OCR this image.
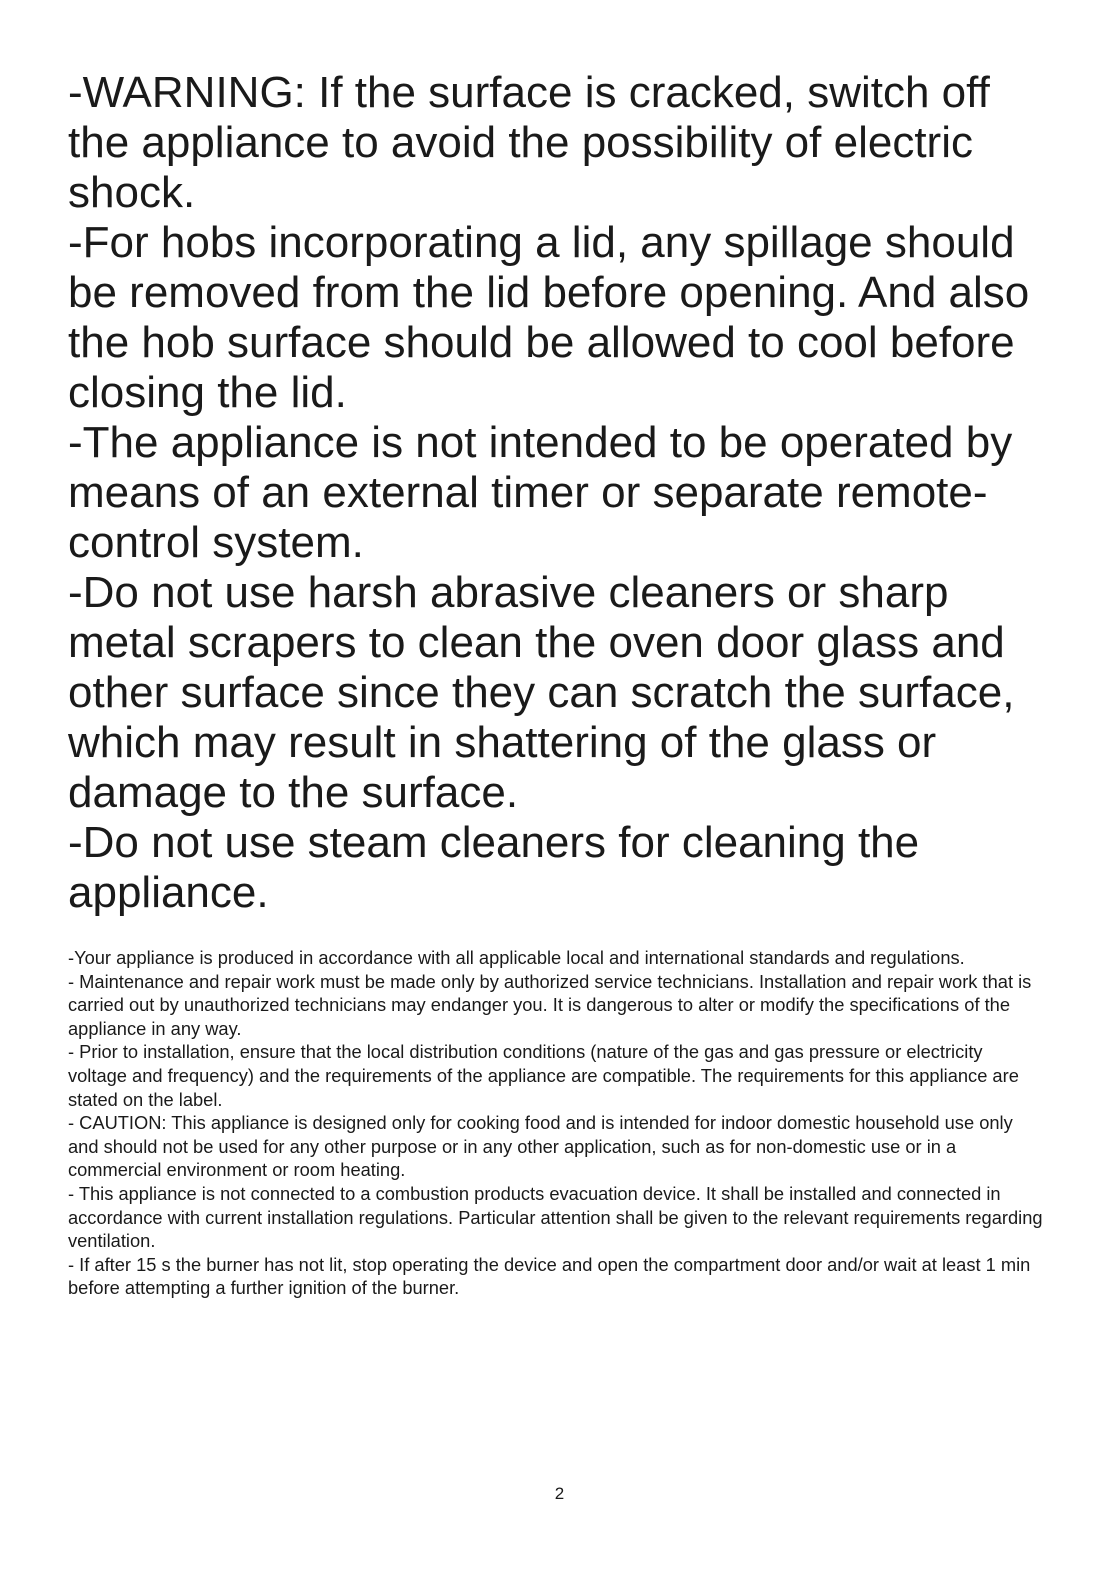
-WARNING: If the surface is cracked, switch off the appliance to avoid the possibility of electric shock.

-For hobs incorporating a lid, any spillage should be removed from the lid before opening. And also the hob surface should be allowed to cool before closing the lid.

-The appliance is not intended to be operated by means of an external timer or separate remote-control system.

-Do not use harsh abrasive cleaners or sharp metal scrapers to clean the oven door glass and other surface since they can scratch the surface, which may result in shattering of the glass or damage to the surface.

-Do not use steam cleaners for cleaning the appliance.

-Your appliance is produced in accordance with all applicable local and international standards and regulations.

- Maintenance and repair work must be made only by authorized service technicians. Installation and repair work that is carried out by unauthorized technicians may endanger you. It is dangerous to alter or modify the specifications of the appliance in any way.

- Prior to installation, ensure that the local distribution conditions (nature of the gas and gas pressure or electricity voltage and frequency) and the requirements of the appliance are compatible. The requirements for this appliance are stated on the label.

- CAUTION: This appliance is designed only for cooking food and is intended for indoor domestic household use only and should not be used for any other purpose or in any other application, such as for non-domestic use or in a commercial environment or room heating.

- This appliance is not connected to a combustion products evacuation device. It shall be installed and connected in accordance with current installation regulations. Particular attention shall be given to the relevant requirements regarding ventilation.

- If after 15 s the burner has not lit, stop operating the device and open the compartment door and/or wait at least 1 min before attempting a further ignition of the burner.

2
